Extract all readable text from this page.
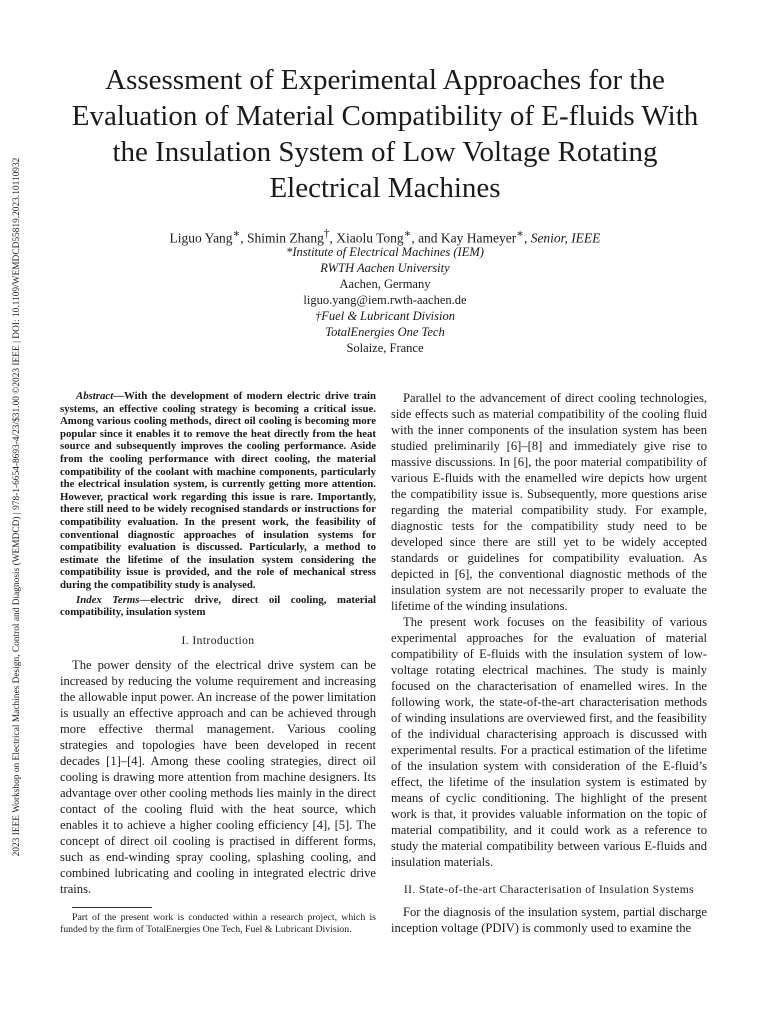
2023 IEEE Workshop on Electrical Machines Design, Control and Diagnosis (WEMDCD) | 978-1-6654-8693-4/23/$31.00 ©2023 IEEE | DOI: 10.1109/WEMDCD55819.2023.10110932
Assessment of Experimental Approaches for the Evaluation of Material Compatibility of E-fluids With the Insulation System of Low Voltage Rotating Electrical Machines
Liguo Yang∗, Shimin Zhang†, Xiaolu Tong∗, and Kay Hameyer∗, Senior, IEEE
*Institute of Electrical Machines (IEM)
RWTH Aachen University
Aachen, Germany
liguo.yang@iem.rwth-aachen.de
†Fuel & Lubricant Division
TotalEnergies One Tech
Solaize, France

Abstract—With the development of modern electric drive train systems, an effective cooling strategy is becoming a critical issue. Among various cooling methods, direct oil cooling is becoming more popular since it enables it to remove the heat directly from the heat source and subsequently improves the cooling performance. Aside from the cooling performance with direct cooling, the material compatibility of the coolant with machine components, particularly the electrical insulation system, is currently getting more attention. However, practical work regarding this issue is rare. Importantly, there still need to be widely recognised standards or instructions for compatibility evaluation. In the present work, the feasibility of conventional diagnostic approaches of insulation systems for compatibility evaluation is discussed. Particularly, a method to estimate the lifetime of the insulation system considering the compatibility issue is provided, and the role of mechanical stress during the compatibility study is analysed.

Index Terms—electric drive, direct oil cooling, material compatibility, insulation system

I. Introduction

The power density of the electrical drive system can be increased by reducing the volume requirement and increasing the allowable input power. An increase of the power limitation is usually an effective approach and can be achieved through more effective thermal management. Various cooling strategies and topologies have been developed in recent decades [1]–[4]. Among these cooling strategies, direct oil cooling is drawing more attention from machine designers. Its advantage over other cooling methods lies mainly in the direct contact of the cooling fluid with the heat source, which enables it to achieve a higher cooling efficiency [4], [5]. The concept of direct oil cooling is practised in different forms, such as end-winding spray cooling, splashing cooling, and combined lubricating and cooling in integrated electric drive trains.

Part of the present work is conducted within a research project, which is funded by the firm of TotalEnergies One Tech, Fuel & Lubricant Division.

Parallel to the advancement of direct cooling technologies, side effects such as material compatibility of the cooling fluid with the inner components of the insulation system has been studied preliminarily [6]–[8] and immediately give rise to massive discussions. In [6], the poor material compatibility of various E-fluids with the enamelled wire depicts how urgent the compatibility issue is. Subsequently, more questions arise regarding the material compatibility study. For example, diagnostic tests for the compatibility study need to be developed since there are still yet to be widely accepted standards or guidelines for compatibility evaluation. As depicted in [6], the conventional diagnostic methods of the insulation system are not necessarily proper to evaluate the lifetime of the winding insulations.

The present work focuses on the feasibility of various experimental approaches for the evaluation of material compatibility of E-fluids with the insulation system of low-voltage rotating electrical machines. The study is mainly focused on the characterisation of enamelled wires. In the following work, the state-of-the-art characterisation methods of winding insulations are overviewed first, and the feasibility of the individual characterising approach is discussed with experimental results. For a practical estimation of the lifetime of the insulation system with consideration of the E-fluid’s effect, the lifetime of the insulation system is estimated by means of cyclic conditioning. The highlight of the present work is that, it provides valuable information on the topic of material compatibility, and it could work as a reference to study the material compatibility between various E-fluids and insulation materials.

II. State-of-the-art Characterisation of Insulation Systems

For the diagnosis of the insulation system, partial discharge inception voltage (PDIV) is commonly used to examine the
